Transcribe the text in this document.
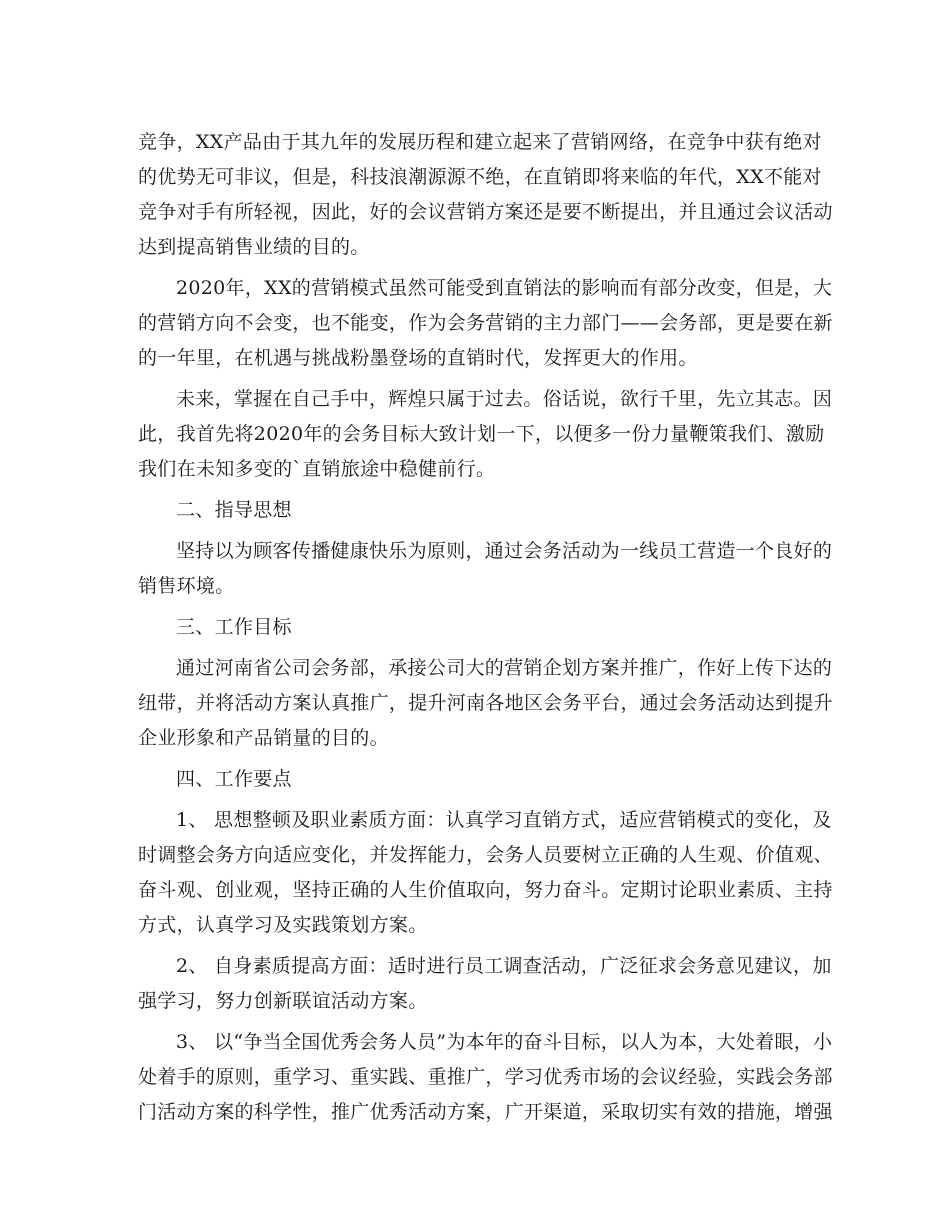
竞争，XX产品由于其九年的发展历程和建立起来了营销网络，在竞争中获有绝对
的优势无可非议，但是，科技浪潮源源不绝，在直销即将来临的年代，XX不能对
竞争对手有所轻视，因此，好的会议营销方案还是要不断提出，并且通过会议活动
达到提高销售业绩的目的。
2020年，XX的营销模式虽然可能受到直销法的影响而有部分改变，但是，大
的营销方向不会变，也不能变，作为会务营销的主力部门——会务部，更是要在新
的一年里，在机遇与挑战粉墨登场的直销时代，发挥更大的作用。
未来，掌握在自己手中，辉煌只属于过去。俗话说，欲行千里，先立其志。因
此，我首先将2020年的会务目标大致计划一下，以便多一份力量鞭策我们、激励
我们在未知多变的`直销旅途中稳健前行。
二、指导思想
坚持以为顾客传播健康快乐为原则，通过会务活动为一线员工营造一个良好的
销售环境。
三、工作目标
通过河南省公司会务部，承接公司大的营销企划方案并推广，作好上传下达的
纽带，并将活动方案认真推广，提升河南各地区会务平台，通过会务活动达到提升
企业形象和产品销量的目的。
四、工作要点
1、 思想整顿及职业素质方面：认真学习直销方式，适应营销模式的变化，及
时调整会务方向适应变化，并发挥能力，会务人员要树立正确的人生观、价值观、
奋斗观、创业观，坚持正确的人生价值取向，努力奋斗。定期讨论职业素质、主持
方式，认真学习及实践策划方案。
2、 自身素质提高方面：适时进行员工调查活动，广泛征求会务意见建议，加
强学习，努力创新联谊活动方案。
3、 以“争当全国优秀会务人员”为本年的奋斗目标，以人为本，大处着眼，小
处着手的原则，重学习、重实践、重推广，学习优秀市场的会议经验，实践会务部
门活动方案的科学性，推广优秀活动方案，广开渠道，采取切实有效的措施，增强
